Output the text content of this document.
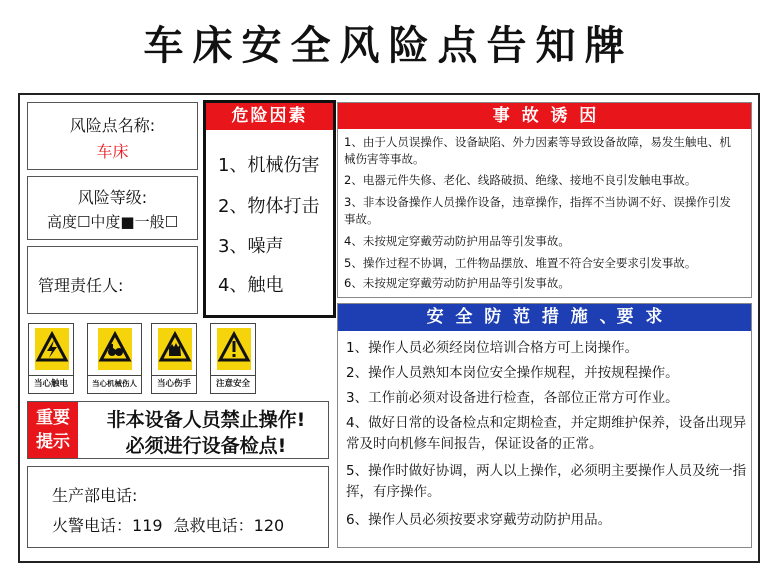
车床安全风险点告知牌
风险点名称:
车床
风险等级:
高度☐中度■一般☐
管理责任人:
危险因素
1、机械伤害
2、物体打击
3、噪声
4、触电
事  故  诱  因
1、由于人员误操作、设备缺陷、外力因素等导致设备故障，易发生触电、机械伤害等事故。
2、电器元件失修、老化、线路破损、绝缘、接地不良引发触电事故。
3、非本设备操作人员操作设备，违章操作，指挥不当协调不好、误操作引发事故。
4、未按规定穿戴劳动防护用品等引发事故。
5、操作过程不协调，工件物品摆放、堆置不符合安全要求引发事故。
6、未按规定穿戴劳动防护用品等引发事故。
安  全  防  范  措  施  、要  求
1、操作人员必须经岗位培训合格方可上岗操作。
2、操作人员熟知本岗位安全操作规程，并按规程操作。
3、工作前必须对设备进行检查，各部位正常方可作业。
4、做好日常的设备检点和定期检查，并定期维护保养，设备出现异常及时向机修车间报告，保证设备的正常。
5、操作时做好协调，两人以上操作，必须明主要操作人员及统一指挥，有序操作。
6、操作人员必须按要求穿戴劳动防护用品。
当心触电	当心机械伤人	当心伤手	注意安全
重要
提示
非本设备人员禁止操作!
必须进行设备检点!
生产部电话:
火警电话：119 急救电话：120
